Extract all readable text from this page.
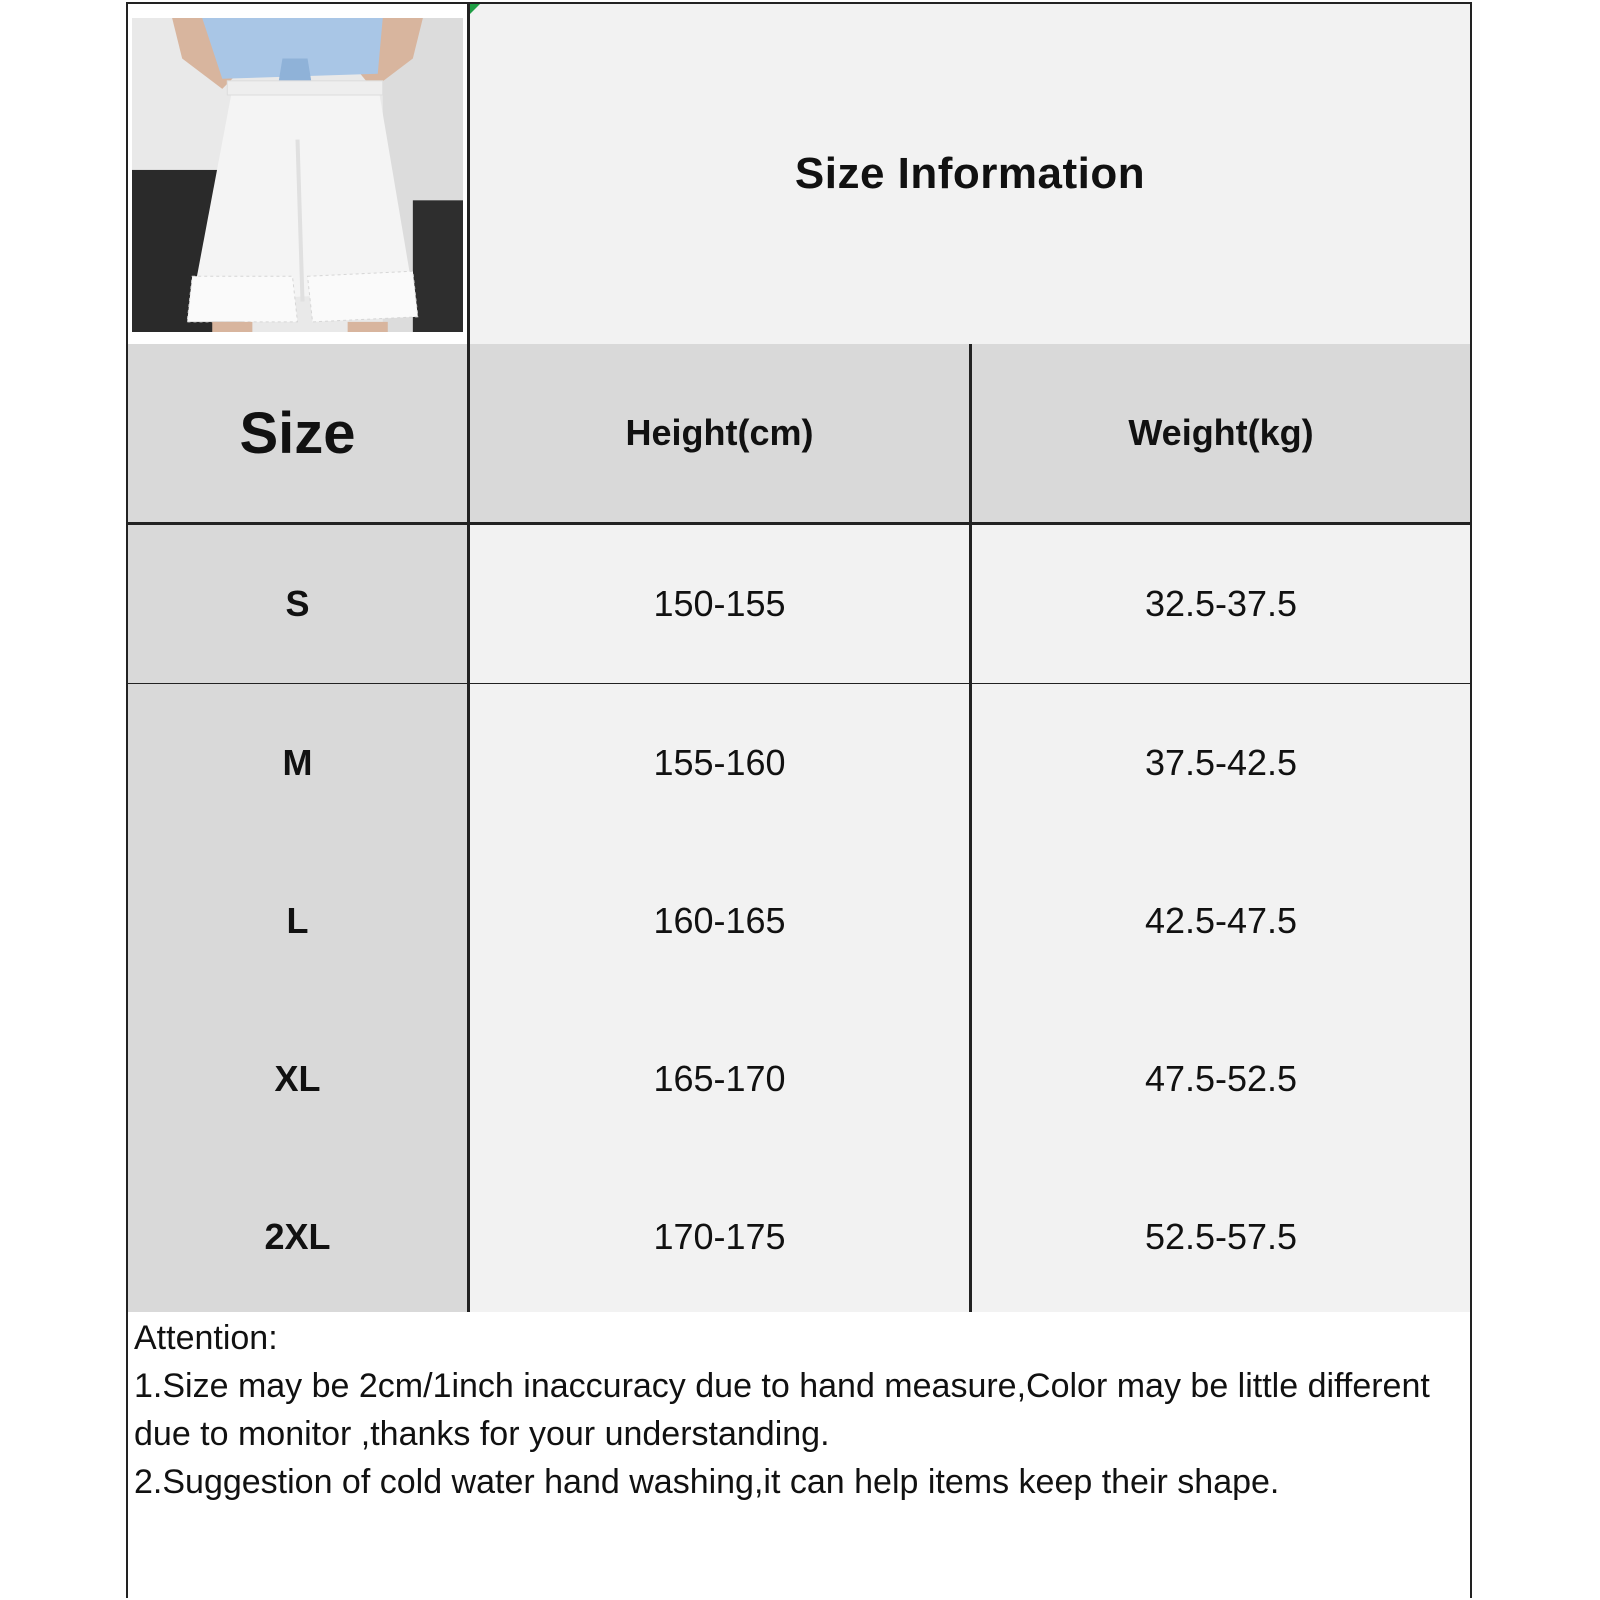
Size Information
Size	Height(cm)	Weight(kg)
S	150-155	32.5-37.5
M	155-160	37.5-42.5
L	160-165	42.5-47.5
XL	165-170	47.5-52.5
2XL	170-175	52.5-57.5

Attention:

1.Size may be 2cm/1inch inaccuracy due to hand measure,Color may be little different due to monitor ,thanks for your understanding.

2.Suggestion of cold water hand washing,it can help items keep their shape.
